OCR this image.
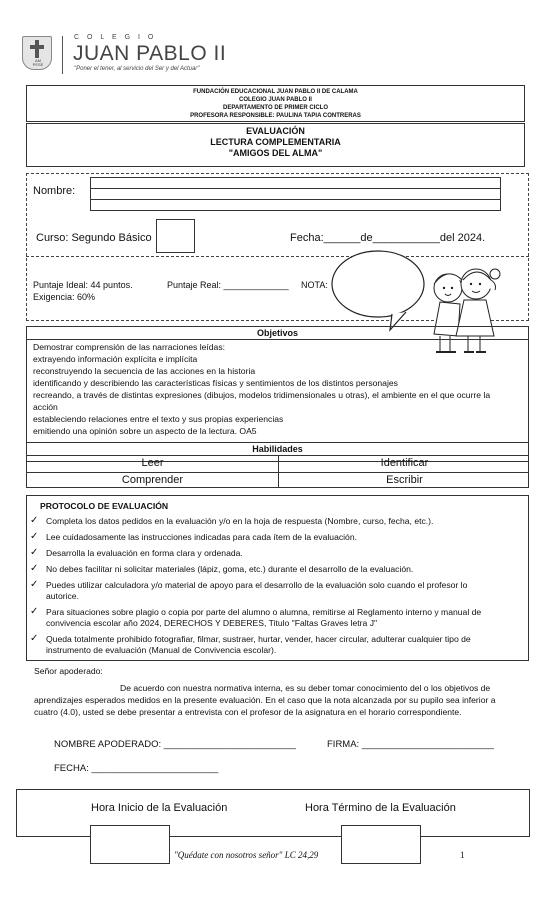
AM
PESE
C O L E G I O
JUAN PABLO II
"Poner el tener, al servicio del Ser y del Actuar"
FUNDACIÓN EDUCACIONAL JUAN PABLO II DE CALAMA
COLEGIO JUAN PABLO II
DEPARTAMENTO DE PRIMER CICLO
PROFESORA RESPONSIBLE: PAULINA TAPIA CONTRERAS
EVALUACIÓN
LECTURA COMPLEMENTARIA
"AMIGOS DEL ALMA"
Nombre:
Curso: Segundo Básico	Fecha:______de___________del 2024.
Puntaje Ideal: 44 puntos.	Puntaje Real: _____________ NOTA:
Exigencia: 60%
Objetivos
Demostrar comprensión de las narraciones leídas:
extrayendo información explícita e implícita
reconstruyendo la secuencia de las acciones en la historia
identificando y describiendo las características físicas y sentimientos de los distintos personajes
recreando, a través de distintas expresiones (dibujos, modelos tridimensionales u otras), el ambiente en el que ocurre la
acción
estableciendo relaciones entre el texto y sus propias experiencias
emitiendo una opinión sobre un aspecto de la lectura. OA5
Habilidades
Leer	Identificar
Comprender	Escribir
PROTOCOLO DE EVALUACIÓN
✓ Completa los datos pedidos en la evaluación y/o en la hoja de respuesta (Nombre, curso, fecha, etc.).
✓ Lee cuidadosamente las instrucciones indicadas para cada ítem de la evaluación.
✓ Desarrolla la evaluación en forma clara y ordenada.
✓ No debes facilitar ni solicitar materiales (lápiz, goma, etc.) durante el desarrollo de la evaluación.
✓ Puedes utilizar calculadora y/o material de apoyo para el desarrollo de la evaluación solo cuando el profesor lo
autorice.
✓ Para situaciones sobre plagio o copia por parte del alumno o alumna, remitirse al Reglamento interno y manual de
convivencia escolar año 2024, DERECHOS Y DEBERES, Titulo "Faltas Graves letra J"
✓ Queda totalmente prohibido fotografiar, filmar, sustraer, hurtar, vender, hacer circular, adulterar cualquier tipo de
instrumento de evaluación (Manual de Convivencia escolar).
Señor apoderado:
De acuerdo con nuestra normativa interna, es su deber tomar conocimiento del o los objetivos de
aprendizajes esperados medidos en la presente evaluación. En el caso que la nota alcanzada por su pupilo sea inferior a
cuatro (4.0), usted se debe presentar a entrevista con el profesor de la asignatura en el horario correspondiente.
NOMBRE APODERADO: _________________________	FIRMA: _________________________
FECHA: ________________________
Hora Inicio de la Evaluación	Hora Término de la Evaluación
"Quédate con nosotros señor" LC 24,29	1
